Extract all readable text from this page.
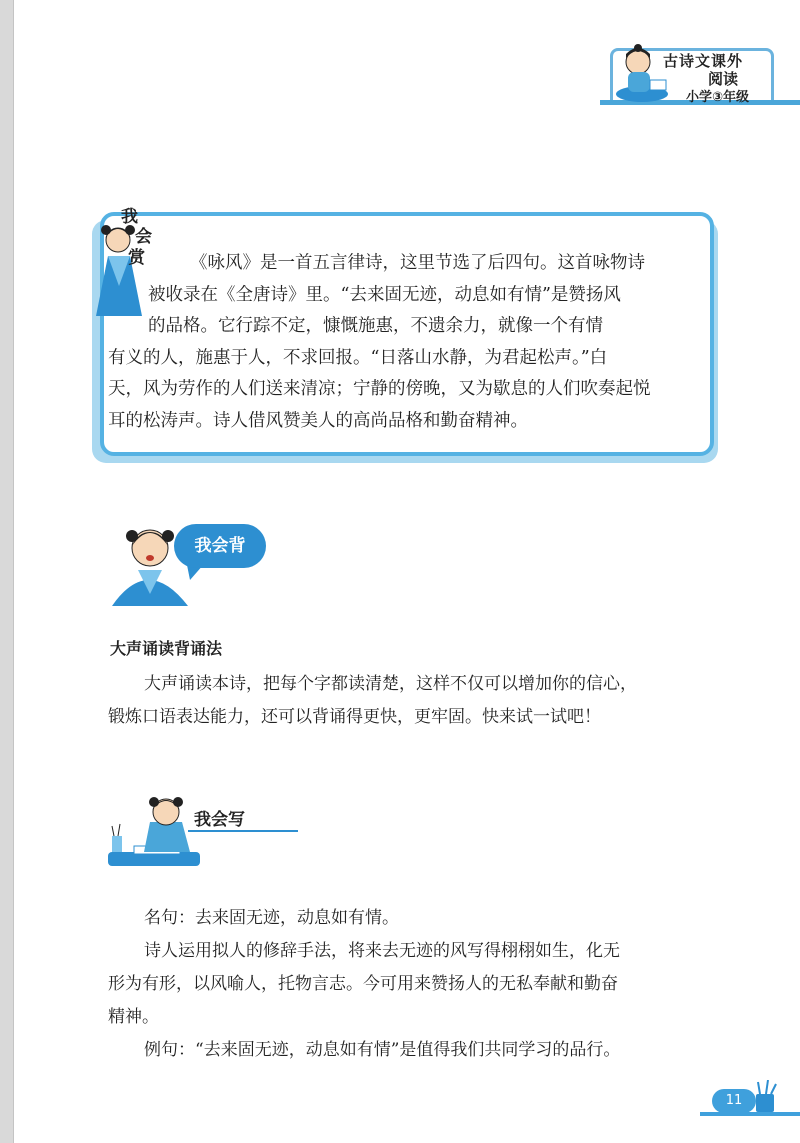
古诗文课外
阅读
小学③年级
我
会
赏	《咏风》是一首五言律诗，这里节选了后四句。这首咏物诗
被收录在《全唐诗》里。“去来固无迹，动息如有情”是赞扬风
的品格。它行踪不定，慷慨施惠，不遗余力，就像一个有情
有义的人，施惠于人，不求回报。“日落山水静，为君起松声。”白
天，风为劳作的人们送来清凉；宁静的傍晚，又为歇息的人们吹奏起悦
耳的松涛声。诗人借风赞美人的高尚品格和勤奋精神。
我会背
大声诵读背诵法
大声诵读本诗，把每个字都读清楚，这样不仅可以增加你的信心，
锻炼口语表达能力，还可以背诵得更快，更牢固。快来试一试吧！
我会写
名句：去来固无迹，动息如有情。
诗人运用拟人的修辞手法，将来去无迹的风写得栩栩如生，化无
形为有形，以风喻人，托物言志。今可用来赞扬人的无私奉献和勤奋
精神。
例句：“去来固无迹，动息如有情”是值得我们共同学习的品行。
11
